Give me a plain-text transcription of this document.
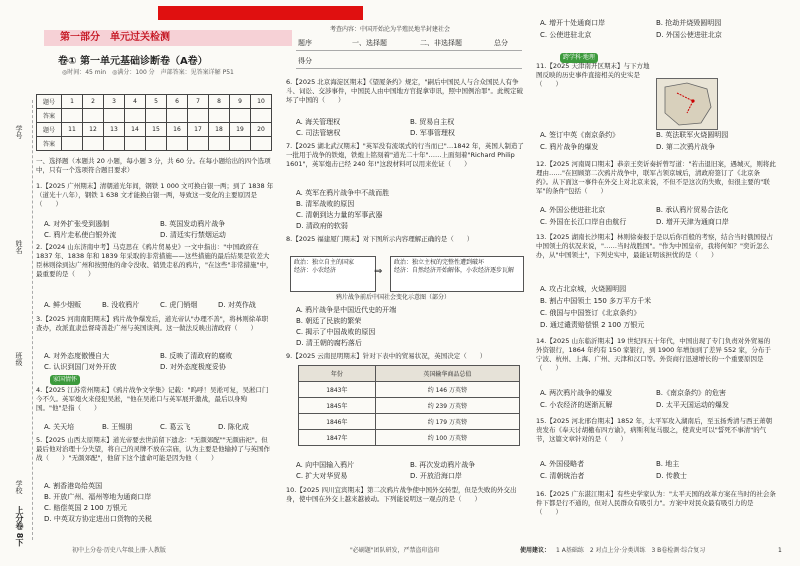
学号
姓名
班级
学校
上分卷 8下
第一部分　单元过关检测
卷① 第一单元基础诊断卷（A卷）
◎时间：45 min　◎满分：100 分　声部答案：见答案详解 P51
题号	1	2	3	4	5	6	7	8	9	10
答案										
题号	11	12	13	14	15	16	17	18	19	20
答案										
一、选择题（本题共 20 小题，每小题 3 分，共 60 分。在每小题给出的四个选项中，只有一个选项符合题目要求）
1.【2025 广州期末】清朝道光年间，钢铁 1 000 文可换白银一两；到了 1838 年（道光十八年），钢铁 1 638 文才能换白银一两，导致这一变化的主要原因是（　　）
A. 对外扩张受到遏制	B. 英国发动鸦片战争
C. 鸦片走私使白银外流	D. 清廷实行禁烟运动
2.【2024 山东济南中考】马克思在《鸦片贸易史》一文中指出："中国政府在 1837 年、1838 年和 1839 年采取的非常措施——这些措施的最后结果是钦差大臣林则徐到达广州和按照他的命令没收、销毁走私的鸦片，"在这些"非常措施"中，最重要的是（　　）
A. 鲜少烟贩	B. 没收鸦片	C. 虎门销烟	D. 对英作战
3.【2025 河南南阳期末】鸦片战争爆发后，道光帝认"办理不善"，将林则徐革职查办，改派直隶总督琦善赴广州与英国谈判。这一做法反映出清政府（　　）
A. 对外态度傲慢自大	B. 反映了清政府的腐败
C. 认识到国门对外开放	D. 对外态度极度妥协
家国情怀
4.【2025 江苏常州期末】《鸦片战争文学集》记载："呜呼！吴淞可复，吴淞口门今不久。英军炮火来侵犯吴淞，"他在吴淞口与英军展开激战，最后以身殉国。"他"是指（　　）
A. 关天培	B. 王锡朋	C. 葛云飞	D. 陈化成
5.【2025 山西太原期末】道光帝要去世前留下遗念："无颜郊配""无颜庙祀"。但最后他对治理十分失望，将自己的灵牌不放在宗庙，认为主要是他输掉了与英国作战（　　）"无颜郊配"，他留下这个遗命可能是因为他（　　）
A. 割香港岛给英国
B. 开放广州、福州等地为通商口岸
C. 赔偿英国 2 100 万银元
D. 中英双方协定进出口货物的关税
初中上分卷·历史八年级上册·人教版
考查内容：中国开始沦为半殖民地半封建社会
题序	一、选择题	二、非选择题	总分
得分
6.【2025 北京海淀区期末】《望厦条约》规定，"嗣后中国民人与合众国民人有争斗、词讼、交涉事件，中国民人由中国地方官捉拿审讯，照中国例治罪"。此规定破坏了中国的（　　）
A. 海关管理权	B. 贸易自主权
C. 司法管辖权	D. 军事管理权
7.【2025 湖北武汉期末】"英军没有流氓式的行当而已"…1842 年，英国人制造了一批用于战争的铁炮，铁炮上铭刻着"道光二十年"……上面刻着"Richard Philip 1601"，英军炮击已经 240 年!"这段材料可以用来佐证（　　）
A. 英军在鸦片战争中不战而胜
B. 清军战败的原因
C. 清朝到达力量的军事武器
D. 清政府的软弱
8.【2025 福建厦门期末】对下图所示内容理解正确的是（　　）
政治：独立自主的国家
经济：小农经济	⇒
政治：独立主权的完整性遭到破坏
经济：自然经济开始解体，小农经济逐步瓦解
鸦片战争前后中国社会变化示意图（部分）
A. 鸦片战争是中国近代史的开端
B. 朝廷了民族的繁荣
C. 揭示了中国战败的原因
D. 清王朝的腐朽落后
9.【2025 云南昆明期末】针对下表中的贸易状况，英国决定（　　）
年份	英国输华商品总值
1843年	约 146 万英镑
1845年	约 239 万英镑
1846年	约 179 万英镑
1847年	约 100 万英镑
A. 向中国输入鸦片	B. 再次发动鸦片战争
C. 扩大对华贸易	D. 开放沿海口岸
10.【2025 四川宜宾期末】第二次鸦片战争使中国外交转型，但是失败的外交出身，使中国在外交上越来越被动。下列能说明这一观点的是（　　）
"必刷题"团队研发，严禁盗印盗印
A. 增开十处通商口岸	B. 抢劫并烧毁圆明园
C. 公使进驻北京	D. 外国公使进驻北京
跨学科·地理
11.【2025 天津南开区期末】与下方地图反映的历史事件直接相关的史实是（　　）
A. 签订中英《南京条约》	B. 英法联军火烧圆明园
C. 鸦片战争的爆发	D. 第二次鸦片战争
12.【2025 河南周口期末】恭亲王奕䜣奏折曾写道："若击退旧案，遇城灭，则将此理由……"在回顾第二次鸦片战争中，联军占领京城后，清政府签订了《北京条约》。从下面这一事件在外交上对北京来说，不但不是这次的失败，但很主要的"联军"的条件"包括（　　）
A. 外国公使进驻北京	B. 承认鸦片贸易合法化
C. 外国在长江口岸自由航行	D. 增开天津为通商口岸
13.【2025 湖南长沙期末】林则徐奏报于是以后你百般的考察，结合当时俄国侵占中国领土的状况来说，"……当时战胜国"。"作为中国皇帝，我将何如？"奕䜣怎么办，从"中国领土"，下列史实中，最能证明该担忧的是（　　）
A. 攻占北京城，火烧圆明园
B. 割占中国领土 150 多万平方千米
C. 俄国与中国签订《北京条约》
D. 通过谴责赔偿银 2 100 万银元
14.【2025 山东临沂期末】19 世纪四五十年代，中国出现了专门负责对外贸易的外资银行，1864 年约有 150 家银行，到 1900 年增加到了差异 552 家，分布于宁波、杭州、上海、广州、天津和汉口等。外资商行迅速增长的一个重要原因是（　　）
A. 两次鸦片战争的爆发	B.《南京条约》的危害
C. 小农经济的逐渐瓦解	D. 太平天国运动的爆发
15.【2025 河北邢台期末】1852 年，太平军攻入湖南后，至玉扬秀清与西王萧朝贵发布《奉天讨胡檄布四方谕》，病斯利复马服之，使黄史可以"誓死不事清"的气节，这篇文章针对的是（　　）
A. 外国侵略者	B. 地主
C. 清朝统治者	D. 传教士
16.【2025 广东湛江期末】有些史学家认为："太平天国的改革方案在当时的社会条件下都是行不通的，但对人民群众有吸引力"。方案中对民众最有吸引力的是（　　）
使用建议： 1 A基础练　2 对点上分·分类训练　3 B卷检测·综合复习	1
